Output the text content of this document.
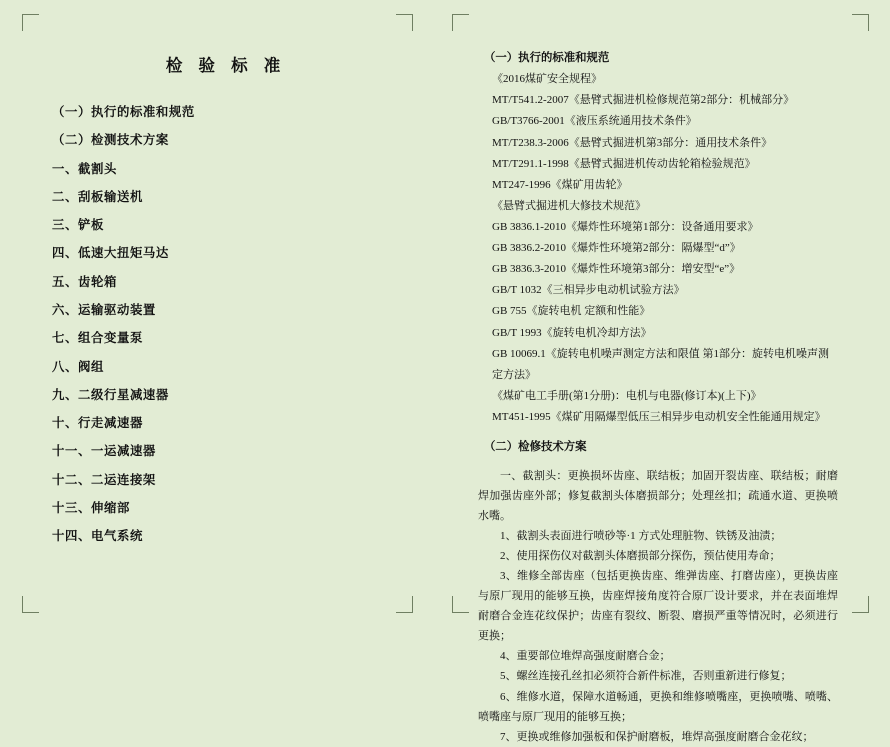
检 验 标 准
（一）执行的标准和规范
（二）检测技术方案
一、截割头
二、刮板输送机
三、铲板
四、低速大扭矩马达
五、齿轮箱
六、运输驱动装置
七、组合变量泵
八、阀组
九、二级行星减速器
十、行走减速器
十一、一运减速器
十二、二运连接架
十三、伸缩部
十四、电气系统
（一）执行的标准和规范
《2016煤矿安全规程》
MT/T541.2-2007《悬臂式掘进机检修规范第2部分：机械部分》
GB/T3766-2001《液压系统通用技术条件》
MT/T238.3-2006《悬臂式掘进机第3部分：通用技术条件》
MT/T291.1-1998《悬臂式掘进机传动齿轮箱检验规范》
MT247-1996《煤矿用齿轮》
《悬臂式掘进机大修技术规范》
GB 3836.1-2010《爆炸性环境第1部分：设备通用要求》
GB 3836.2-2010《爆炸性环境第2部分：隔爆型“d”》
GB 3836.3-2010《爆炸性环境第3部分：增安型“e”》
GB/T 1032《三相异步电动机试验方法》
GB 755《旋转电机 定额和性能》
GB/T 1993《旋转电机冷却方法》
GB 10069.1《旋转电机噪声测定方法和限值 第1部分：旋转电机噪声测定方法》
《煤矿电工手册(第1分册)：电机与电器(修订本)(上下)》
MT451-1995《煤矿用隔爆型低压三相异步电动机安全性能通用规定》
（二）检修技术方案
一、截割头：更换损坏齿座、联结板；加固开裂齿座、联结板；耐磨焊加强齿座外部；修复截割头体磨损部分；处理丝扣；疏通水道、更换喷水嘴。
1、截割头表面进行喷砂等·1 方式处理脏物、铁锈及油渍；
2、使用探伤仪对截割头体磨损部分探伤，预估使用寿命；
3、维修全部齿座（包括更换齿座、维弹齿座、打磨齿座），更换齿座与原厂现用的能够互换，齿座焊接角度符合原厂设计要求，并在表面堆焊耐磨合金连花纹保护；齿座有裂纹、断裂、磨损严重等情况时，必须进行更换；
4、重要部位堆焊高强度耐磨合金；
5、螺丝连接孔丝扣必须符合新件标准，否则重新进行修复；
6、维修水道，保障水道畅通，更换和维修喷嘴座，更换喷嘴、喷嘴、喷嘴座与原厂现用的能够互换；
7、更换或维修加强板和保护耐磨板，堆焊高强度耐磨合金花纹；
